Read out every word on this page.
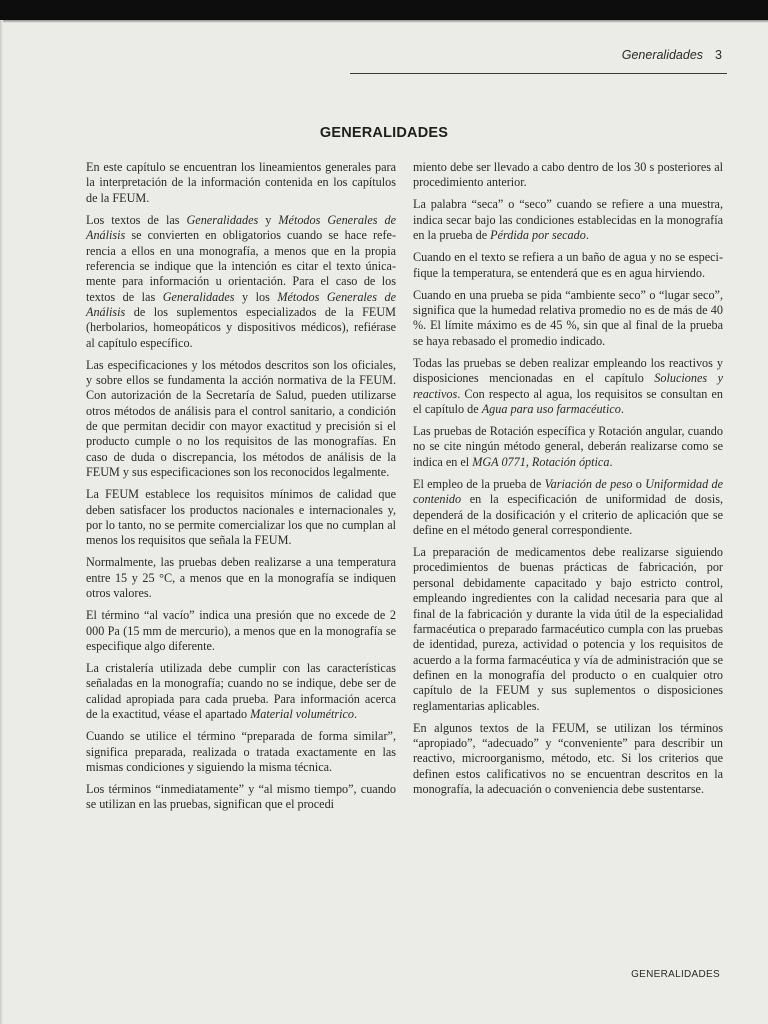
Generalidades 3
GENERALIDADES

En este capítulo se encuentran los lineamientos generales para la interpretación de la información contenida en los capítulos de la FEUM.

Los textos de las Generalidades y Métodos Generales de Análisis se convierten en obligatorios cuando se hace referencia a ellos en una monografía, a menos que en la propia referencia se indique que la intención es citar el texto únicamente para información u orientación. Para el caso de los textos de las Generalidades y los Métodos Generales de Análisis de los suplementos especializados de la FEUM (herbolarios, homeopáticos y dispositivos médicos), refiérase al capítulo específico.

Las especificaciones y los métodos descritos son los oficiales, y sobre ellos se fundamenta la acción normativa de la FEUM. Con autorización de la Secretaría de Salud, pueden utilizarse otros métodos de análisis para el control sanitario, a condición de que permitan decidir con mayor exactitud y precisión si el producto cumple o no los requisitos de las monografías. En caso de duda o discrepancia, los métodos de análisis de la FEUM y sus especificaciones son los reconocidos legalmente.

La FEUM establece los requisitos mínimos de calidad que deben satisfacer los productos nacionales e internacionales y, por lo tanto, no se permite comercializar los que no cumplan al menos los requisitos que señala la FEUM.

Normalmente, las pruebas deben realizarse a una temperatura entre 15 y 25 °C, a menos que en la monografía se indiquen otros valores.

El término “al vacío” indica una presión que no excede de 2 000 Pa (15 mm de mercurio), a menos que en la monografía se especifique algo diferente.

La cristalería utilizada debe cumplir con las características señaladas en la monografía; cuando no se indique, debe ser de calidad apropiada para cada prueba. Para información acerca de la exactitud, véase el apartado Material volumétrico.

Cuando se utilice el término “preparada de forma similar”, significa preparada, realizada o tratada exactamente en las mismas condiciones y siguiendo la misma técnica.

Los términos “inmediatamente” y “al mismo tiempo”, cuando se utilizan en las pruebas, significan que el procedi

miento debe ser llevado a cabo dentro de los 30 s posteriores al procedimiento anterior.

La palabra “seca” o “seco” cuando se refiere a una muestra, indica secar bajo las condiciones establecidas en la monografía en la prueba de Pérdida por secado.

Cuando en el texto se refiera a un baño de agua y no se especifique la temperatura, se entenderá que es en agua hirviendo.

Cuando en una prueba se pida “ambiente seco” o “lugar seco”, significa que la humedad relativa promedio no es de más de 40 %. El límite máximo es de 45 %, sin que al final de la prueba se haya rebasado el promedio indicado.

Todas las pruebas se deben realizar empleando los reactivos y disposiciones mencionadas en el capítulo Soluciones y reactivos. Con respecto al agua, los requisitos se consultan en el capítulo de Agua para uso farmacéutico.

Las pruebas de Rotación específica y Rotación angular, cuando no se cite ningún método general, deberán realizarse como se indica en el MGA 0771, Rotación óptica.

El empleo de la prueba de Variación de peso o Uniformidad de contenido en la especificación de uniformidad de dosis, dependerá de la dosificación y el criterio de aplicación que se define en el método general correspondiente.

La preparación de medicamentos debe realizarse siguiendo procedimientos de buenas prácticas de fabricación, por personal debidamente capacitado y bajo estricto control, empleando ingredientes con la calidad necesaria para que al final de la fabricación y durante la vida útil de la especialidad farmacéutica o preparado farmacéutico cumpla con las pruebas de identidad, pureza, actividad o potencia y los requisitos de acuerdo a la forma farmacéutica y vía de administración que se definen en la monografía del producto o en cualquier otro capítulo de la FEUM y sus suplementos o disposiciones reglamentarias aplicables.

En algunos textos de la FEUM, se utilizan los términos “apropiado”, “adecuado” y “conveniente” para describir un reactivo, microorganismo, método, etc. Si los criterios que definen estos calificativos no se encuentran descritos en la monografía, la adecuación o conveniencia debe sustentarse.

GENERALIDADES
